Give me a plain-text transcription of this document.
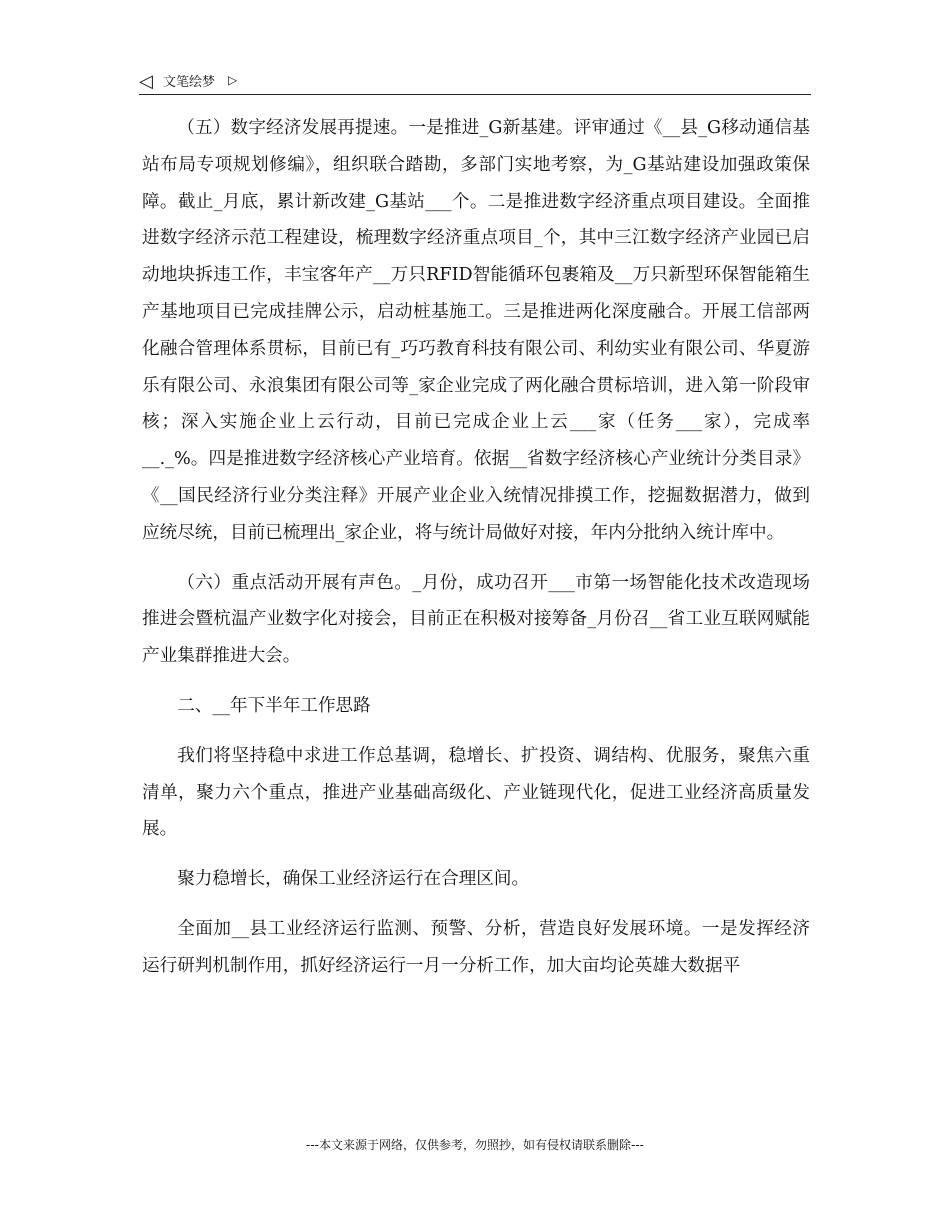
◁ 文笔绘梦 ▷

（五）数字经济发展再提速。一是推进_G新基建。评审通过《__县_G移动通信基站布局专项规划修编》，组织联合踏勘，多部门实地考察，为_G基站建设加强政策保障。截止_月底，累计新改建_G基站___个。二是推进数字经济重点项目建设。全面推进数字经济示范工程建设，梳理数字经济重点项目_个，其中三江数字经济产业园已启动地块拆违工作，丰宝客年产__万只RFID智能循环包裹箱及__万只新型环保智能箱生产基地项目已完成挂牌公示，启动桩基施工。三是推进两化深度融合。开展工信部两化融合管理体系贯标，目前已有_巧巧教育科技有限公司、利幼实业有限公司、华夏游乐有限公司、永浪集团有限公司等_家企业完成了两化融合贯标培训，进入第一阶段审核；深入实施企业上云行动，目前已完成企业上云___家（任务___家），完成率__._%。四是推进数字经济核心产业培育。依据__省数字经济核心产业统计分类目录》《__国民经济行业分类注释》开展产业企业入统情况排摸工作，挖掘数据潜力，做到应统尽统，目前已梳理出_家企业，将与统计局做好对接，年内分批纳入统计库中。

（六）重点活动开展有声色。_月份，成功召开___市第一场智能化技术改造现场推进会暨杭温产业数字化对接会，目前正在积极对接筹备_月份召__省工业互联网赋能产业集群推进大会。

二、__年下半年工作思路

我们将坚持稳中求进工作总基调，稳增长、扩投资、调结构、优服务，聚焦六重清单，聚力六个重点，推进产业基础高级化、产业链现代化，促进工业经济高质量发展。

聚力稳增长，确保工业经济运行在合理区间。

全面加__县工业经济运行监测、预警、分析，营造良好发展环境。一是发挥经济运行研判机制作用，抓好经济运行一月一分析工作，加大亩均论英雄大数据平

---本文来源于网络，仅供参考，勿照抄，如有侵权请联系删除---
